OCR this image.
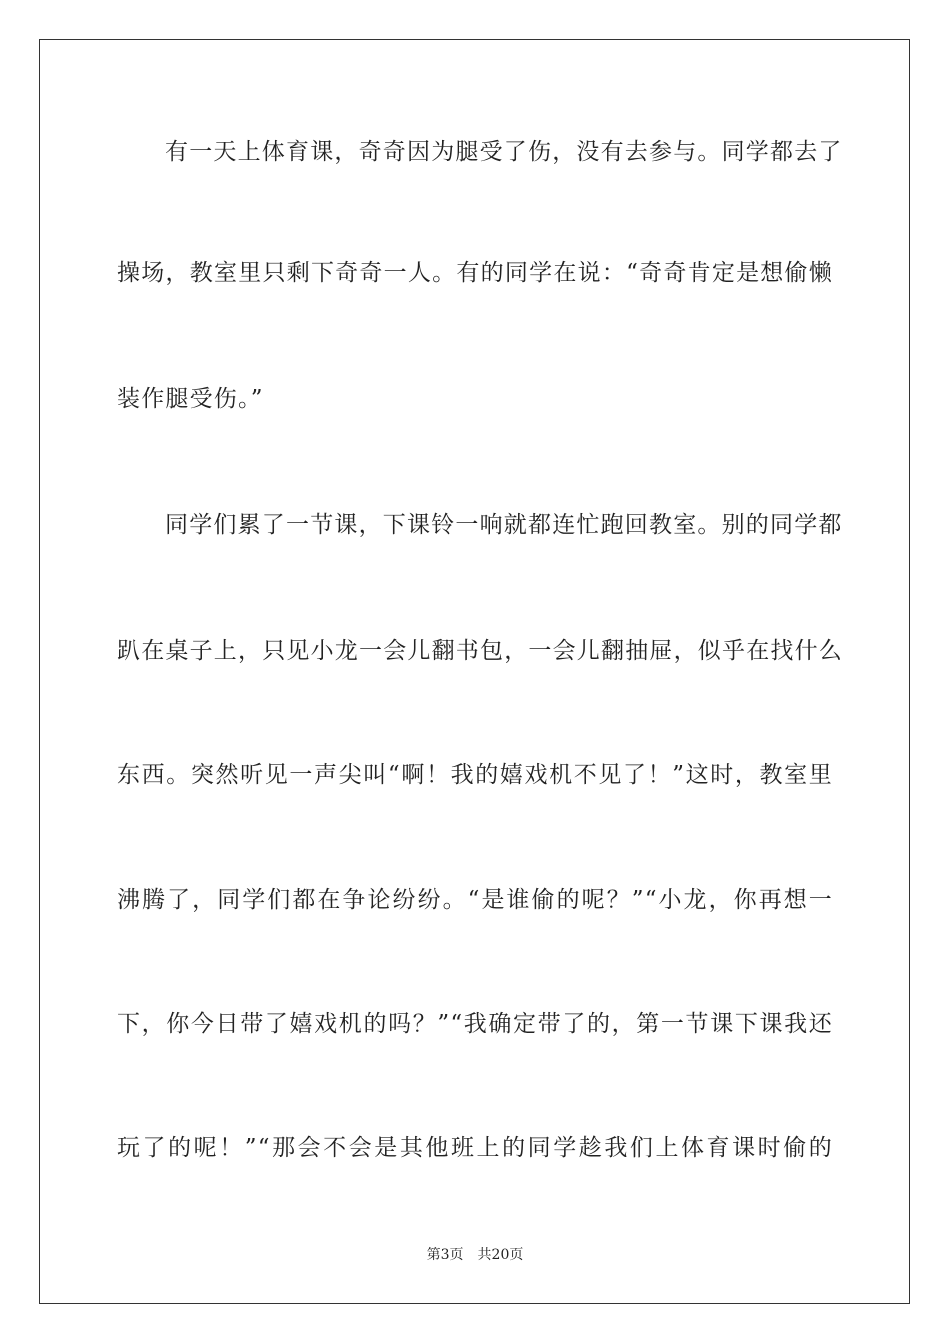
有一天上体育课，奇奇因为腿受了伤，没有去参与。同学都去了
操场，教室里只剩下奇奇一人。有的同学在说：“奇奇肯定是想偷懒
装作腿受伤。”
同学们累了一节课，下课铃一响就都连忙跑回教室。别的同学都
趴在桌子上，只见小龙一会儿翻书包，一会儿翻抽屉，似乎在找什么
东西。突然听见一声尖叫“啊！我的嬉戏机不见了！”这时，教室里
沸腾了，同学们都在争论纷纷。“是谁偷的呢？”“小龙，你再想一
下，你今日带了嬉戏机的吗？”“我确定带了的，第一节课下课我还
玩了的呢！”“那会不会是其他班上的同学趁我们上体育课时偷的
第3页 共20页
